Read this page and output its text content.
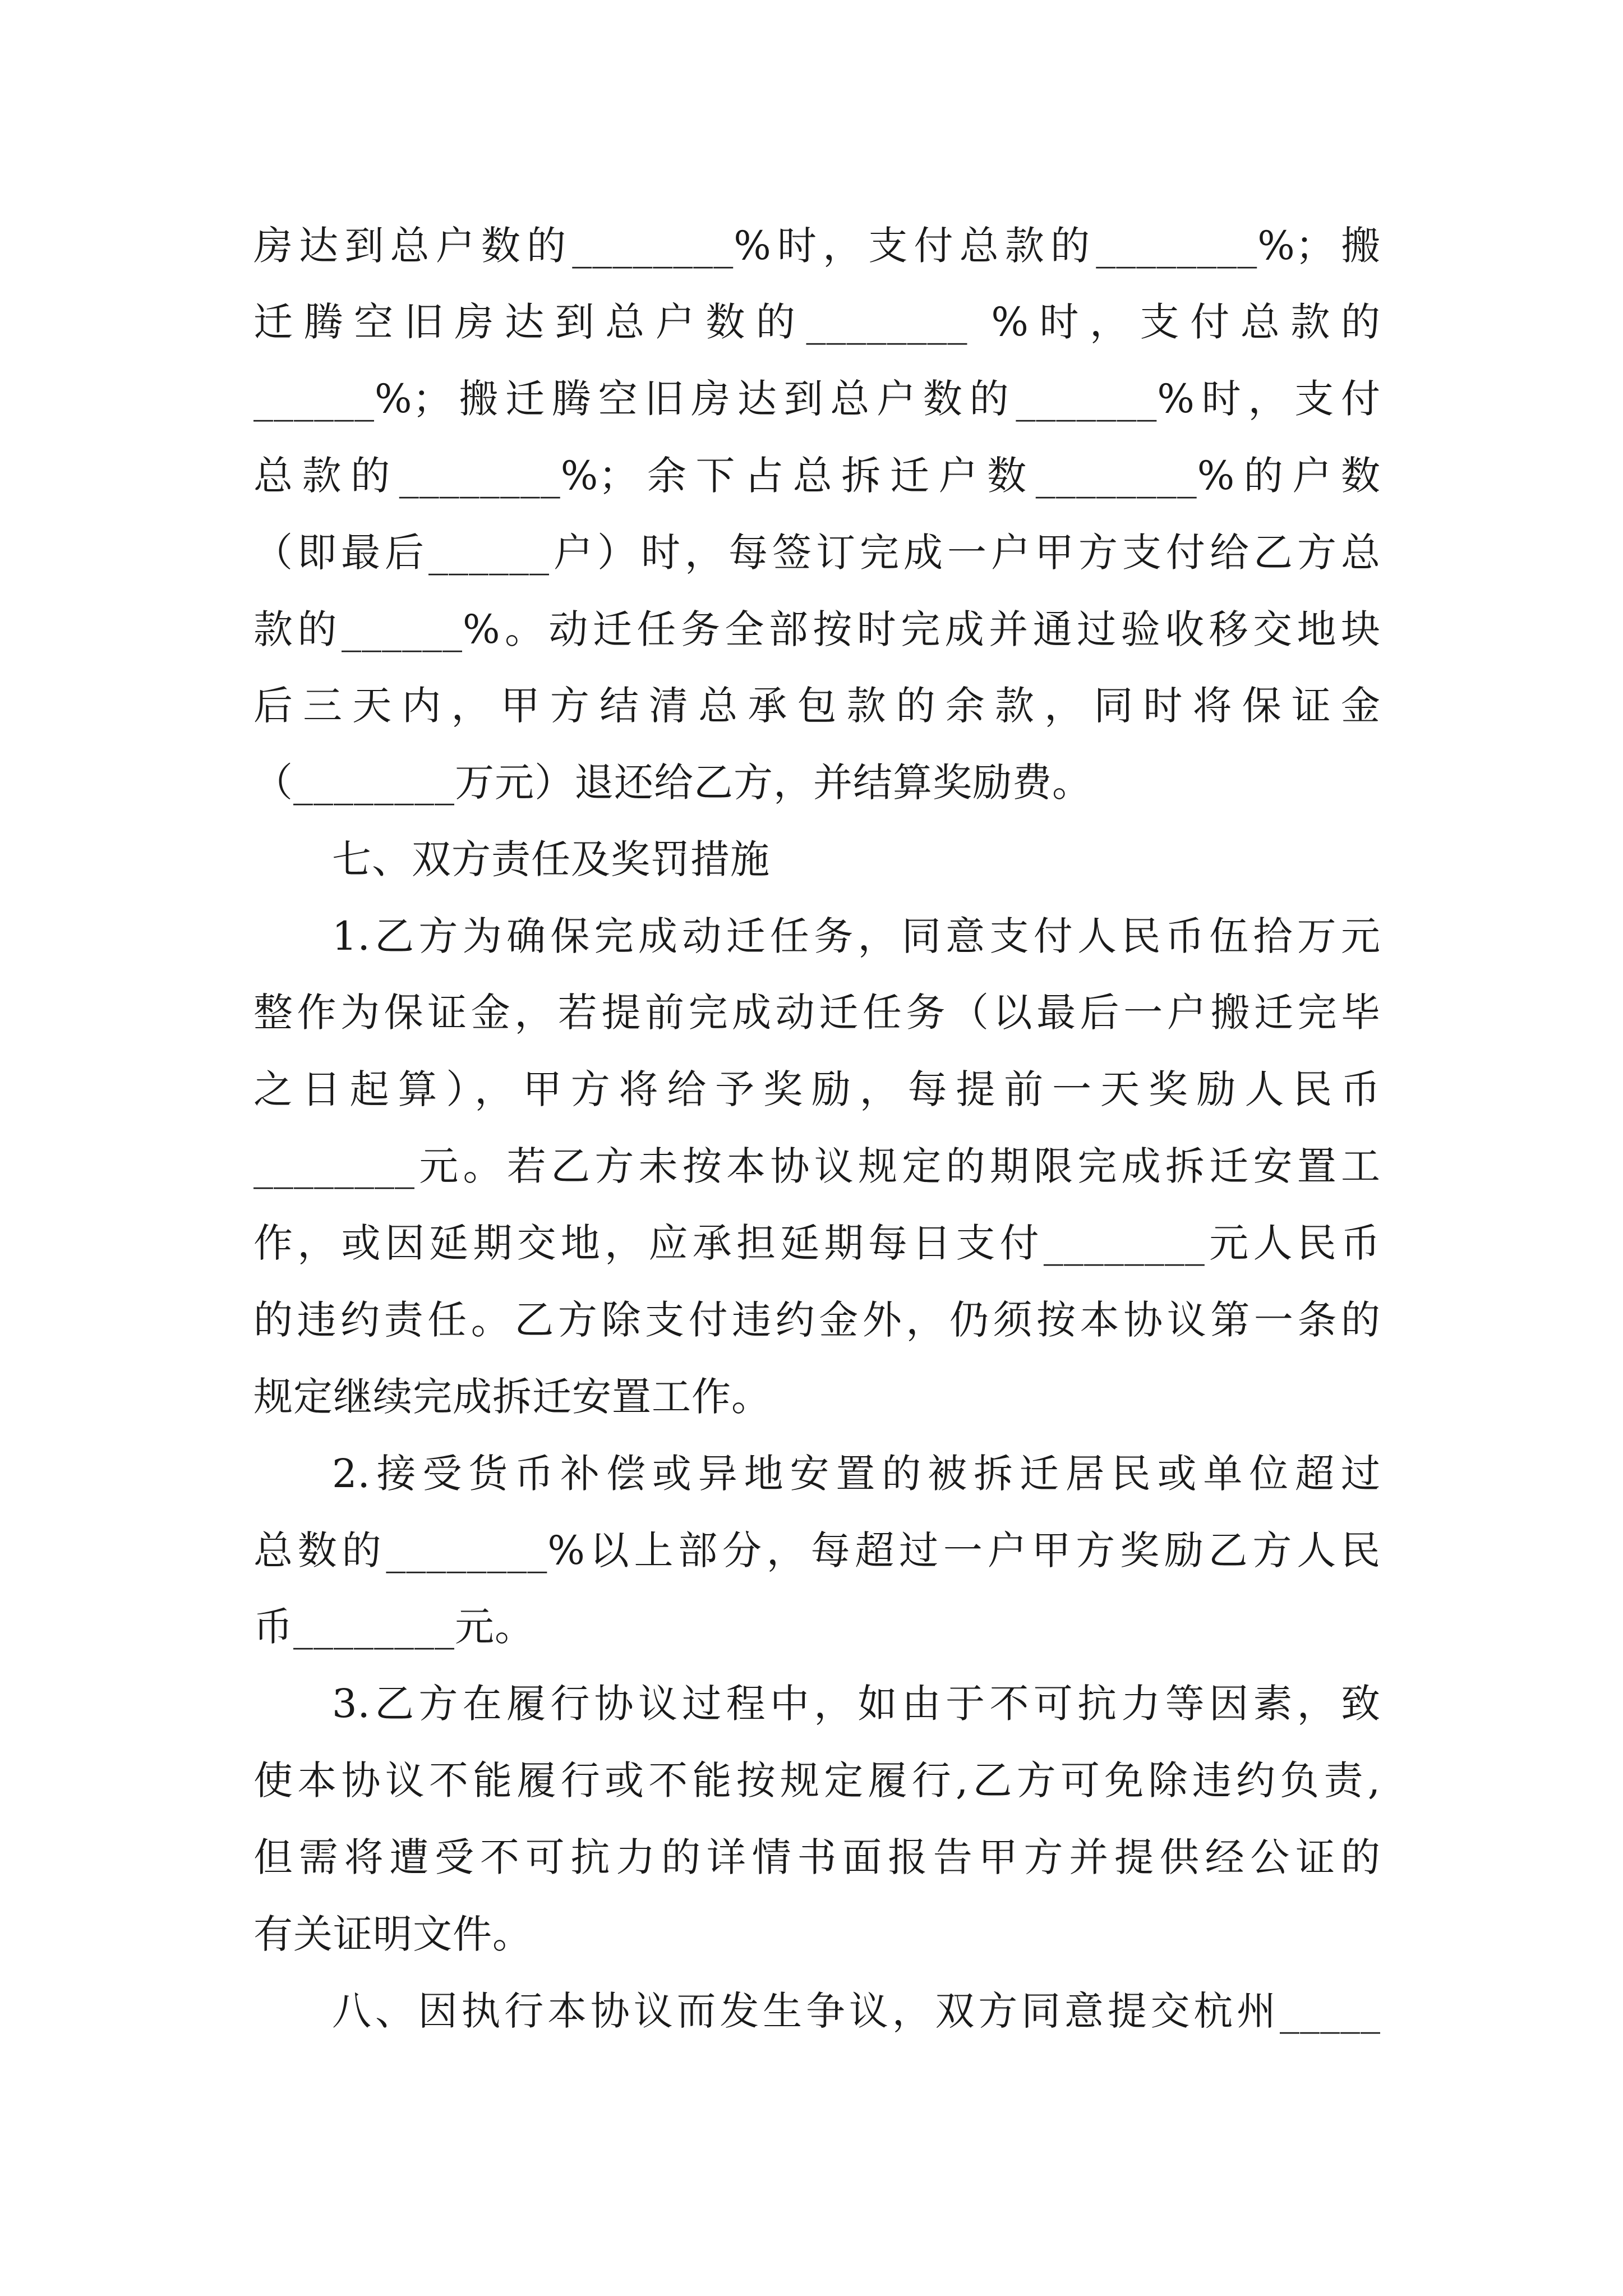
房达到总户数的________%时，支付总款的________%；搬

迁腾空旧房达到总户数的________ %时，支付总款的

______%；搬迁腾空旧房达到总户数的_______%时，支付

总款的________%；余下占总拆迁户数________%的户数

（即最后______户）时，每签订完成一户甲方支付给乙方总

款的______%。动迁任务全部按时完成并通过验收移交地块

后三天内，甲方结清总承包款的余款，同时将保证金

（________万元）退还给乙方，并结算奖励费。

七、双方责任及奖罚措施

1.乙方为确保完成动迁任务，同意支付人民币伍拾万元

整作为保证金，若提前完成动迁任务（以最后一户搬迁完毕

之日起算），甲方将给予奖励，每提前一天奖励人民币

________元。若乙方未按本协议规定的期限完成拆迁安置工

作，或因延期交地，应承担延期每日支付________元人民币

的违约责任。乙方除支付违约金外，仍须按本协议第一条的

规定继续完成拆迁安置工作。

2.接受货币补偿或异地安置的被拆迁居民或单位超过

总数的________%以上部分，每超过一户甲方奖励乙方人民

币________元。

3.乙方在履行协议过程中，如由于不可抗力等因素，致

使本协议不能履行或不能按规定履行,乙方可免除违约负责,

但需将遭受不可抗力的详情书面报告甲方并提供经公证的

有关证明文件。

八、因执行本协议而发生争议，双方同意提交杭州_____
